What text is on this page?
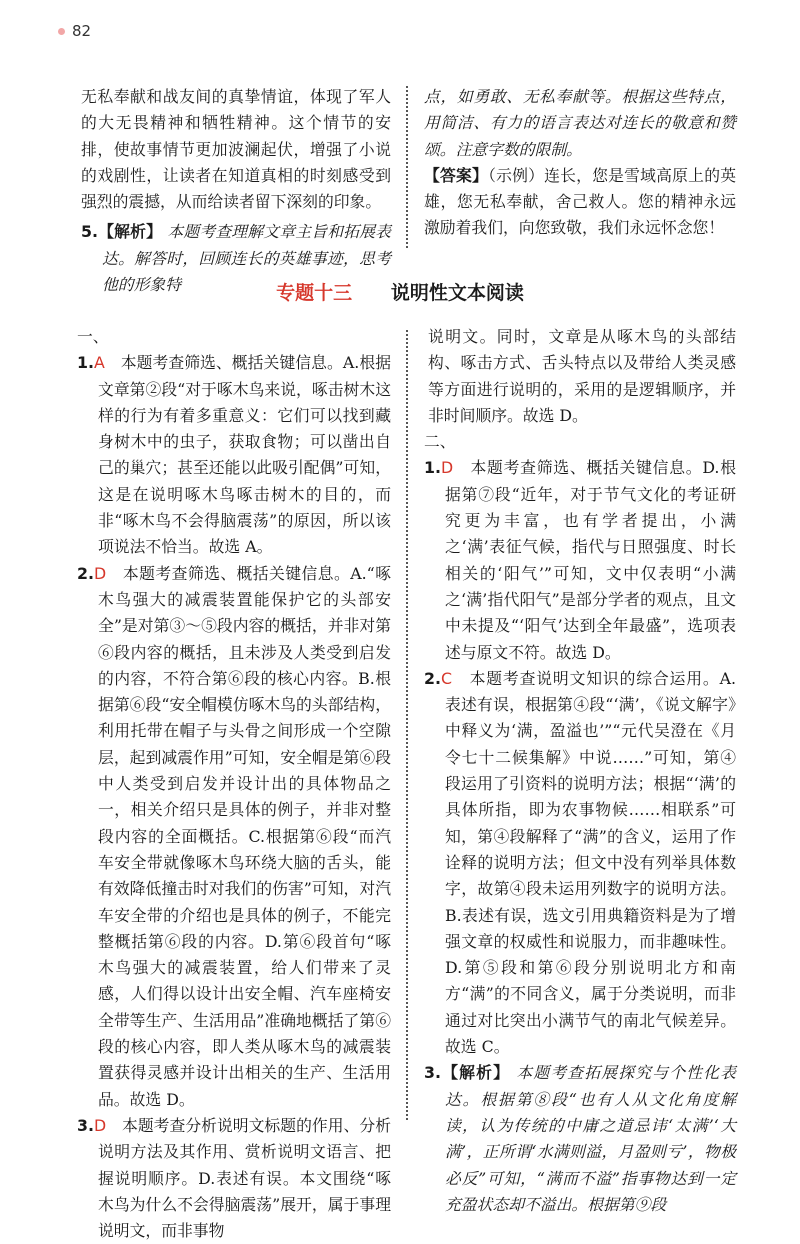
82

无私奉献和战友间的真挚情谊，体现了军人的大无畏精神和牺牲精神。这个情节的安排，使故事情节更加波澜起伏，增强了小说的戏剧性，让读者在知道真相的时刻感受到强烈的震撼，从而给读者留下深刻的印象。

5.【解析】 本题考查理解文章主旨和拓展表达。解答时，回顾连长的英雄事迹，思考他的形象特

点，如勇敢、无私奉献等。根据这些特点，用简洁、有力的语言表达对连长的敬意和赞颂。注意字数的限制。

【答案】（示例）连长，您是雪域高原上的英雄，您无私奉献，舍己救人。您的精神永远激励着我们，向您致敬，我们永远怀念您！

专题十三 说明性文本阅读

一、

1.A　本题考查筛选、概括关键信息。A.根据文章第②段“对于啄木鸟来说，啄击树木这样的行为有着多重意义：它们可以找到藏身树木中的虫子，获取食物；可以凿出自己的巢穴；甚至还能以此吸引配偶”可知，这是在说明啄木鸟啄击树木的目的，而非“啄木鸟不会得脑震荡”的原因，所以该项说法不恰当。故选 A。

2.D　本题考查筛选、概括关键信息。A.“啄木鸟强大的减震装置能保护它的头部安全”是对第③～⑤段内容的概括，并非对第⑥段内容的概括，且未涉及人类受到启发的内容，不符合第⑥段的核心内容。B.根据第⑥段“安全帽模仿啄木鸟的头部结构，利用托带在帽子与头骨之间形成一个空隙层，起到减震作用”可知，安全帽是第⑥段中人类受到启发并设计出的具体物品之一，相关介绍只是具体的例子，并非对整段内容的全面概括。C.根据第⑥段“而汽车安全带就像啄木鸟环绕大脑的舌头，能有效降低撞击时对我们的伤害”可知，对汽车安全带的介绍也是具体的例子，不能完整概括第⑥段的内容。D.第⑥段首句“啄木鸟强大的减震装置，给人们带来了灵感，人们得以设计出安全帽、汽车座椅安全带等生产、生活用品”准确地概括了第⑥段的核心内容，即人类从啄木鸟的减震装置获得灵感并设计出相关的生产、生活用品。故选 D。

3.D　本题考查分析说明文标题的作用、分析说明方法及其作用、赏析说明文语言、把握说明顺序。D.表述有误。本文围绕“啄木鸟为什么不会得脑震荡”展开，属于事理说明文，而非事物

说明文。同时，文章是从啄木鸟的头部结构、啄击方式、舌头特点以及带给人类灵感等方面进行说明的，采用的是逻辑顺序，并非时间顺序。故选 D。

二、

1.D　本题考查筛选、概括关键信息。D.根据第⑦段“近年，对于节气文化的考证研究更为丰富，也有学者提出，小满之‘满’表征气候，指代与日照强度、时长相关的‘阳气’”可知，文中仅表明“小满之‘满’指代阳气”是部分学者的观点，且文中未提及“‘阳气’达到全年最盛”，选项表述与原文不符。故选 D。

2.C　本题考查说明文知识的综合运用。A.表述有误，根据第④段“‘满’，《说文解字》中释义为‘满，盈溢也’”“元代吴澄在《月令七十二候集解》中说……”可知，第④段运用了引资料的说明方法；根据“‘满’的具体所指，即为农事物候……相联系”可知，第④段解释了“满”的含义，运用了作诠释的说明方法；但文中没有列举具体数字，故第④段未运用列数字的说明方法。B.表述有误，选文引用典籍资料是为了增强文章的权威性和说服力，而非趣味性。D.第⑤段和第⑥段分别说明北方和南方“满”的不同含义，属于分类说明，而非通过对比突出小满节气的南北气候差异。故选 C。

3.【解析】 本题考查拓展探究与个性化表达。根据第⑧段“也有人从文化角度解读，认为传统的中庸之道忌讳‘太满’‘大满’，正所谓‘水满则溢，月盈则亏’，物极必反”可知，“满而不溢”指事物达到一定充盈状态却不溢出。根据第⑨段
